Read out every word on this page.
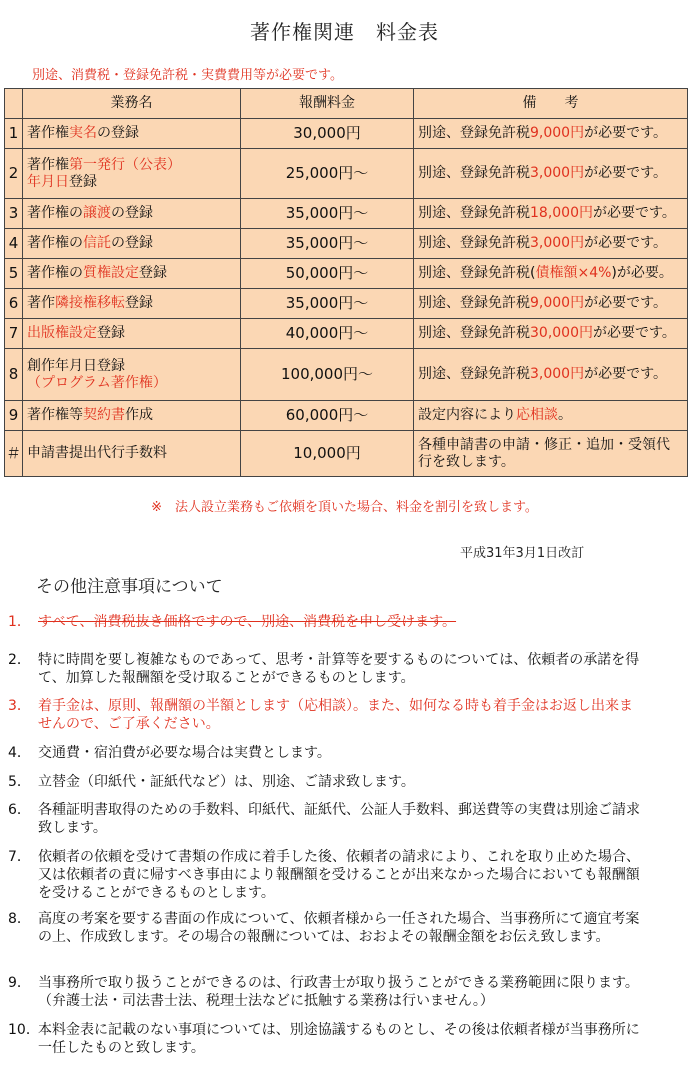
著作権関連　料金表
別途、消費税・登録免許税・実費費用等が必要です。
	業務名	報酬料金	備　　考
1	著作権実名の登録	30,000円	別途、登録免許税9,000円が必要です。
2	著作権第一発行（公表）
年月日登録	25,000円～	別途、登録免許税3,000円が必要です。
3	著作権の譲渡の登録	35,000円～	別途、登録免許税18,000円が必要です。
4	著作権の信託の登録	35,000円～	別途、登録免許税3,000円が必要です。
5	著作権の質権設定登録	50,000円～	別途、登録免許税(債権額×4%)が必要。
6	著作隣接権移転登録	35,000円～	別途、登録免許税9,000円が必要です。
7	出版権設定登録	40,000円～	別途、登録免許税30,000円が必要です。
8	創作年月日登録
（プログラム著作権）	100,000円～	別途、登録免許税3,000円が必要です。
9	著作権等契約書作成	60,000円～	設定内容により応相談。
＃	申請書提出代行手数料	10,000円	各種申請書の申請・修正・追加・受領代行を致します。
※　法人設立業務もご依頼を頂いた場合、料金を割引を致します。
平成31年3月1日改訂
その他注意事項について
1． すべて、消費税抜き価格ですので、別途、消費税を申し受けます。
2． 特に時間を要し複雑なものであって、思考・計算等を要するものについては、依頼者の承諾を得て、加算した報酬額を受け取ることができるものとします。
3． 着手金は、原則、報酬額の半額とします（応相談）。また、如何なる時も着手金はお返し出来ませんので、ご了承ください。
4． 交通費・宿泊費が必要な場合は実費とします。
5． 立替金（印紙代・証紙代など）は、別途、ご請求致します。
6． 各種証明書取得のための手数料、印紙代、証紙代、公証人手数料、郵送費等の実費は別途ご請求致します。
7． 依頼者の依頼を受けて書類の作成に着手した後、依頼者の請求により、これを取り止めた場合、又は依頼者の責に帰すべき事由により報酬額を受けることが出来なかった場合においても報酬額を受けることができるものとします。
8． 高度の考案を要する書面の作成について、依頼者様から一任された場合、当事務所にて適宜考案の上、作成致します。その場合の報酬については、おおよその報酬金額をお伝え致します。
9． 当事務所で取り扱うことができるのは、行政書士が取り扱うことができる業務範囲に限ります。（弁護士法・司法書士法、税理士法などに抵触する業務は行いません。）
10．
本料金表に記載のない事項については、別途協議するものとし、その後は依頼者様が当事務所に一任したものと致します。
